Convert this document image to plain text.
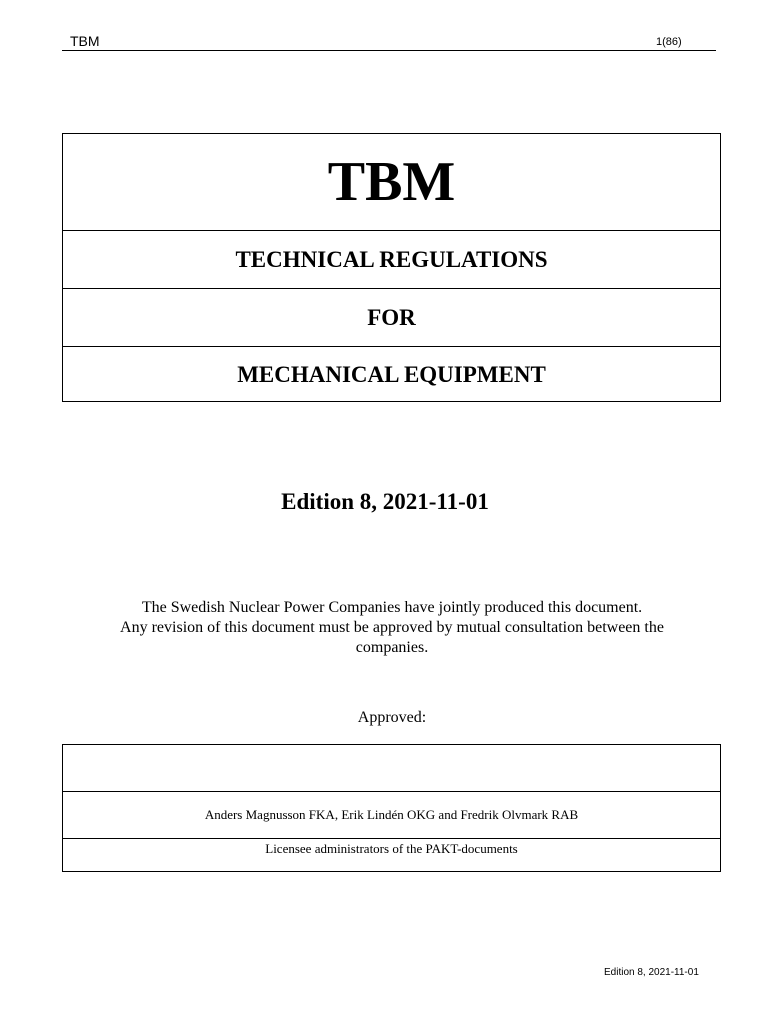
TBM	1(86)
TBM
TECHNICAL REGULATIONS
FOR
MECHANICAL EQUIPMENT
Edition 8, 2021-11-01
The Swedish Nuclear Power Companies have jointly produced this document.
Any revision of this document must be approved by mutual consultation between the
companies.
Approved:
Anders Magnusson FKA, Erik Lindén OKG and Fredrik Olvmark RAB
Licensee administrators of the PAKT-documents
Edition 8, 2021-11-01
